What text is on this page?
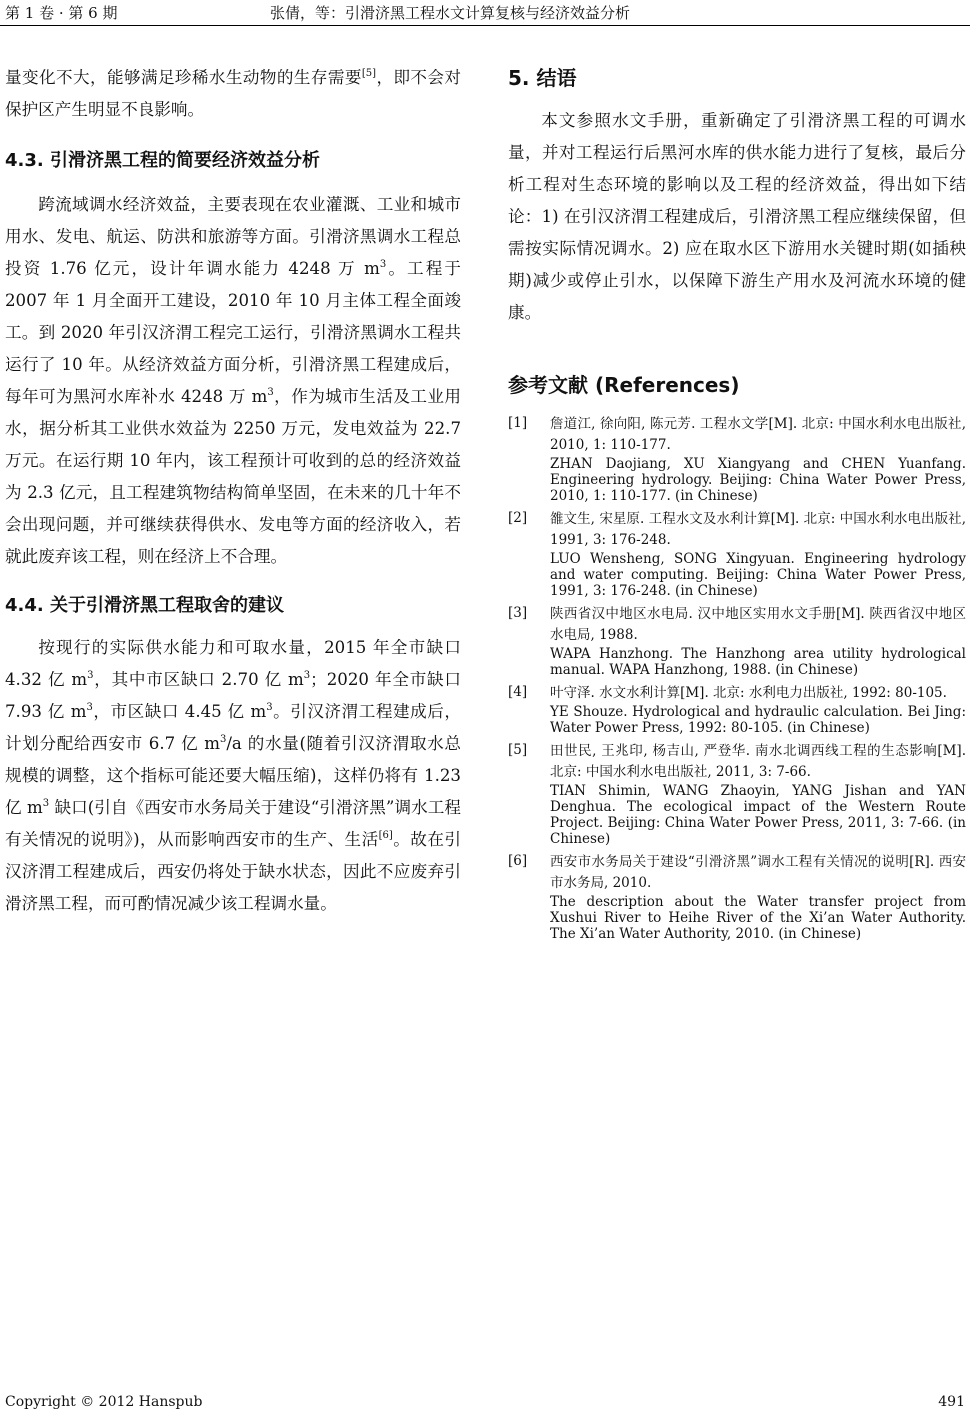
第 1 卷 · 第 6 期	张倩，等：引滑济黑工程水文计算复核与经济效益分析

量变化不大，能够满足珍稀水生动物的生存需要[5]，即不会对保护区产生明显不良影响。

4.3. 引滑济黑工程的简要经济效益分析

跨流域调水经济效益，主要表现在农业灌溉、工业和城市用水、发电、航运、防洪和旅游等方面。引滑济黑调水工程总投资 1.76 亿元，设计年调水能力 4248 万 $m^3$。工程于 2007 年 1 月全面开工建设，2010 年 10 月主体工程全面竣工。到 2020 年引汉济渭工程完工运行，引滑济黑调水工程共运行了 10 年。从经济效益方面分析，引滑济黑工程建成后，每年可为黑河水库补水 4248 万 $m^3$，作为城市生活及工业用水，据分析其工业供水效益为 2250 万元，发电效益为 22.7 万元。在运行期 10 年内，该工程预计可收到的总的经济效益为 2.3 亿元，且工程建筑物结构简单坚固，在未来的几十年不会出现问题，并可继续获得供水、发电等方面的经济收入，若就此废弃该工程，则在经济上不合理。

4.4. 关于引滑济黑工程取舍的建议

按现行的实际供水能力和可取水量，2015 年全市缺口 4.32 亿 $m^3$，其中市区缺口 2.70 亿 $m^3$；2020 年全市缺口 7.93 亿 $m^3$，市区缺口 4.45 亿 $m^3$。引汉济渭工程建成后，计划分配给西安市 6.7 亿 $m^3/a$ 的水量(随着引汉济渭取水总规模的调整，这个指标可能还要大幅压缩)，这样仍将有 1.23 亿 $m^3$ 缺口(引自《西安市水务局关于建设“引滑济黑”调水工程有关情况的说明》)，从而影响西安市的生产、生活[6]。故在引汉济渭工程建成后，西安仍将处于缺水状态，因此不应废弃引滑济黑工程，而可酌情况减少该工程调水量。

5. 结语

本文参照水文手册，重新确定了引滑济黑工程的可调水量，并对工程运行后黑河水库的供水能力进行了复核，最后分析工程对生态环境的影响以及工程的经济效益，得出如下结论：1) 在引汉济渭工程建成后，引滑济黑工程应继续保留，但需按实际情况调水。2) 应在取水区下游用水关键时期(如插秧期)减少或停止引水，以保障下游生产用水及河流水环境的健康。

参考文献 (References)
[1] 詹道江, 徐向阳, 陈元芳. 工程水文学[M]. 北京: 中国水利水电出版社, 2010, 1: 110-177.

ZHAN Daojiang, XU Xiangyang and CHEN Yuanfang. Engineering hydrology. Beijing: China Water Power Press, 2010, 1: 110-177. (in Chinese)

[2] 雒文生, 宋星原. 工程水文及水利计算[M]. 北京: 中国水利水电出版社, 1991, 3: 176-248.

LUO Wensheng, SONG Xingyuan. Engineering hydrology and water computing. Beijing: China Water Power Press, 1991, 3: 176-248. (in Chinese)

[3] 陕西省汉中地区水电局. 汉中地区实用水文手册[M]. 陕西省汉中地区水电局, 1988.

WAPA Hanzhong. The Hanzhong area utility hydrological manual. WAPA Hanzhong, 1988. (in Chinese)

[4] 叶守泽. 水文水利计算[M]. 北京: 水利电力出版社, 1992: 80-105.

YE Shouze. Hydrological and hydraulic calculation. Bei Jing: Water Power Press, 1992: 80-105. (in Chinese)

[5] 田世民, 王兆印, 杨吉山, 严登华. 南水北调西线工程的生态影响[M]. 北京: 中国水利水电出版社, 2011, 3: 7-66.

TIAN Shimin, WANG Zhaoyin, YANG Jishan and YAN Denghua. The ecological impact of the Western Route Project. Beijing: China Water Power Press, 2011, 3: 7-66. (in Chinese)

[6] 西安市水务局关于建设“引滑济黑”调水工程有关情况的说明[R]. 西安市水务局, 2010.

The description about the Water transfer project from Xushui River to Heihe River of the Xi’an Water Authority. The Xi’an Water Authority, 2010. (in Chinese)

Copyright © 2012 Hanspub	491
